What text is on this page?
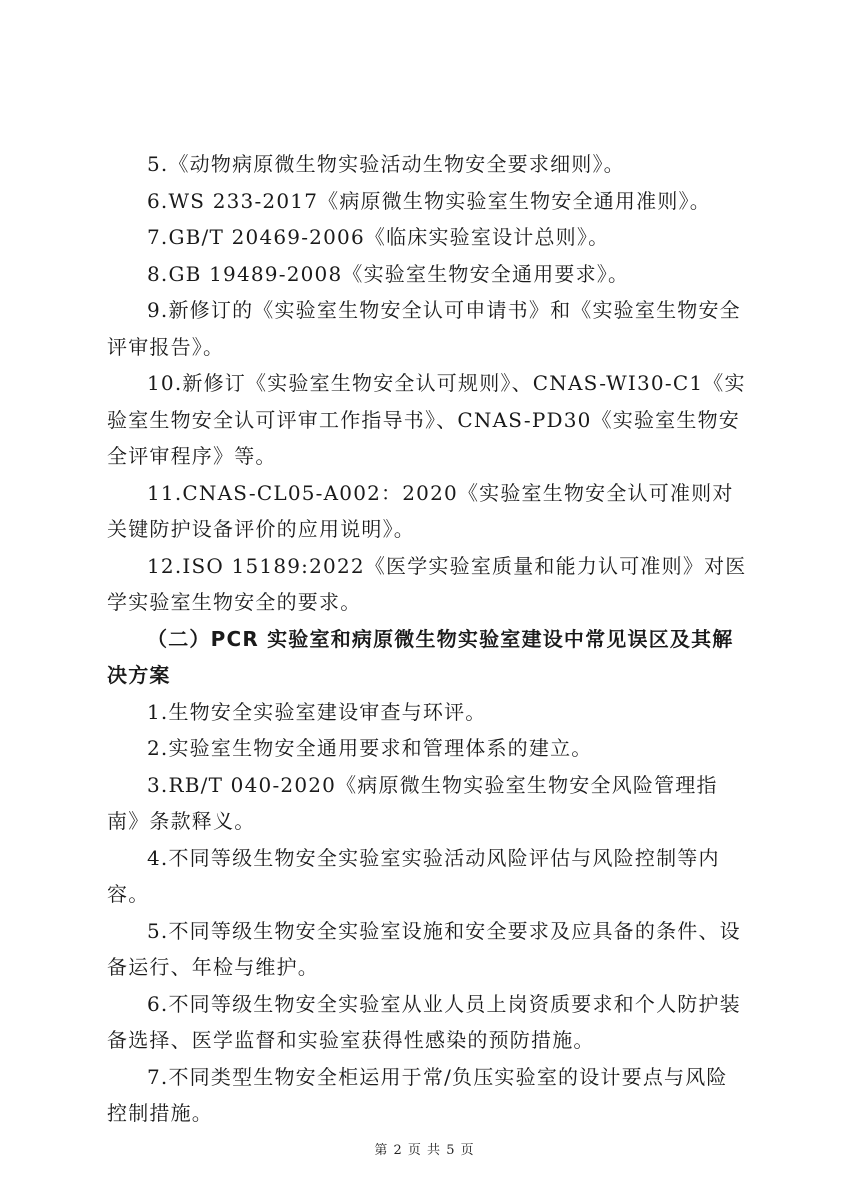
5.《动物病原微生物实验活动生物安全要求细则》。

6.WS 233-2017《病原微生物实验室生物安全通用准则》。

7.GB/T 20469-2006《临床实验室设计总则》。

8.GB 19489-2008《实验室生物安全通用要求》。

9.新修订的《实验室生物安全认可申请书》和《实验室生物安全评审报告》。

10.新修订《实验室生物安全认可规则》、CNAS-WI30-C1《实验室生物安全认可评审工作指导书》、CNAS-PD30《实验室生物安全评审程序》等。

11.CNAS-CL05-A002：2020《实验室生物安全认可准则对关键防护设备评价的应用说明》。

12.ISO 15189:2022《医学实验室质量和能力认可准则》对医学实验室生物安全的要求。

（二）PCR 实验室和病原微生物实验室建设中常见误区及其解决方案

1.生物安全实验室建设审查与环评。

2.实验室生物安全通用要求和管理体系的建立。

3.RB/T 040-2020《病原微生物实验室生物安全风险管理指南》条款释义。

4.不同等级生物安全实验室实验活动风险评估与风险控制等内容。

5.不同等级生物安全实验室设施和安全要求及应具备的条件、设备运行、年检与维护。

6.不同等级生物安全实验室从业人员上岗资质要求和个人防护装备选择、医学监督和实验室获得性感染的预防措施。

7.不同类型生物安全柜运用于常/负压实验室的设计要点与风险控制措施。

第 2 页 共 5 页
